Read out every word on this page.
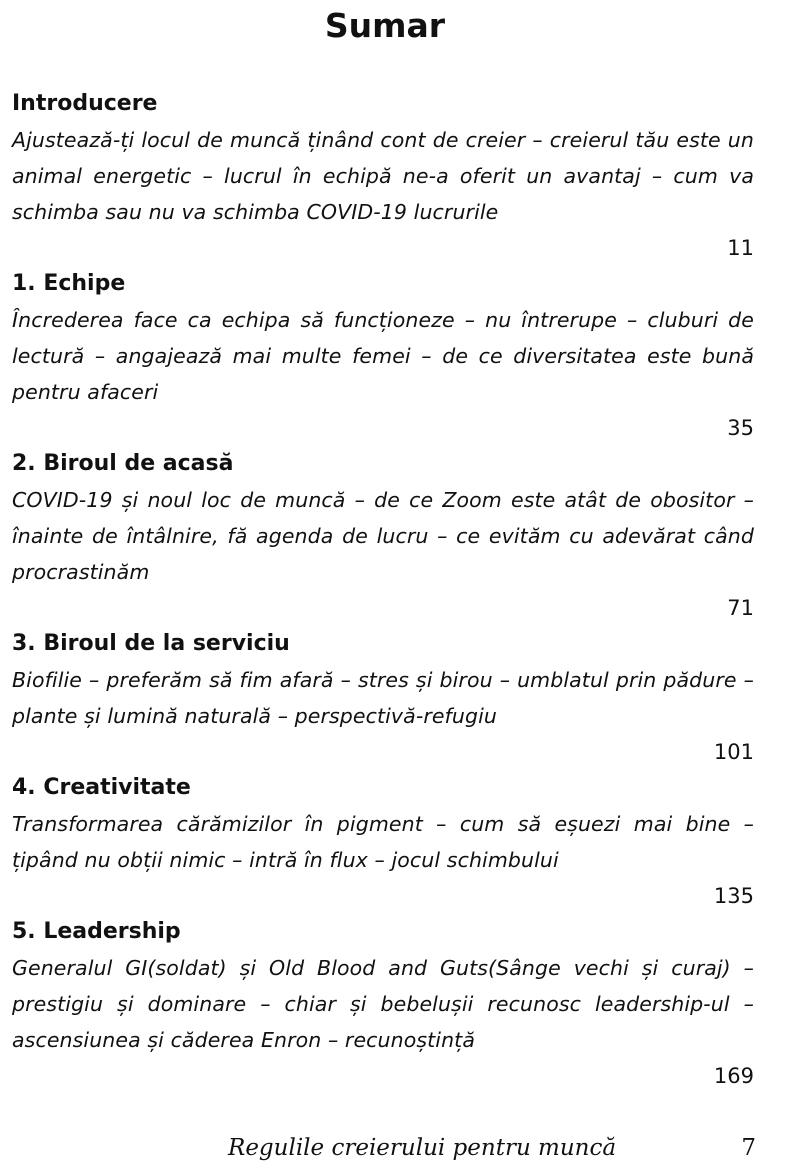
Sumar

Introducere

Ajustează-ți locul de muncă ținând cont de creier – creierul tău este un animal energetic – lucrul în echipă ne-a oferit un avantaj – cum va schimba sau nu va schimba COVID-19 lucrurile

11

1. Echipe

Încrederea face ca echipa să funcționeze – nu întrerupe – cluburi de lectură – angajează mai multe femei – de ce diversitatea este bună pentru afaceri

35

2. Biroul de acasă

COVID-19 și noul loc de muncă – de ce Zoom este atât de obositor – înainte de întâlnire, fă agenda de lucru – ce evităm cu adevărat când procrastinăm

71

3. Biroul de la serviciu

Biofilie – preferăm să fim afară – stres și birou – umblatul prin pădure – plante și lumină naturală – perspectivă-refugiu

101

4. Creativitate

Transformarea cărămizilor în pigment – cum să eșuezi mai bine – țipând nu obții nimic – intră în flux – jocul schimbului

135

5. Leadership

Generalul GI(soldat) și Old Blood and Guts(Sânge vechi și curaj) – prestigiu și dominare – chiar și bebelușii recunosc leadership-ul – ascensiunea și căderea Enron – recunoștință

169

Regulile creierului pentru muncă	7
